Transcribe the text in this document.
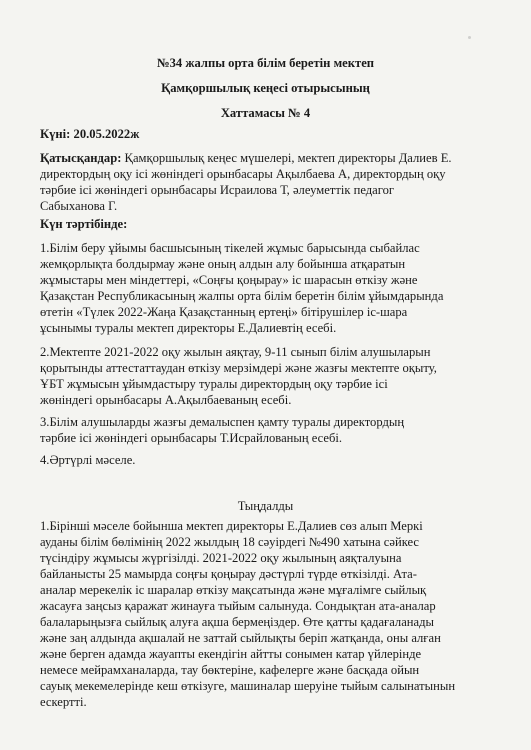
№34 жалпы орта білім беретін мектеп
Қамқоршылық кеңесі отырысының
Хаттамасы № 4
Күні: 20.05.2022ж
Қатысқандар: Қамқоршылық кеңес мүшелері, мектеп директоры Далиев Е.
директордың оқу ісі жөніндегі орынбасары Ақылбаева А, директордың оқу
тәрбие ісі жөніндегі орынбасары Исраилова Т, әлеуметтік педагог
Сабыханова Г.
Күн тәртібінде:
1.Білім беру ұйымы басшысының тікелей жұмыс барысында сыбайлас
жемқорлықта болдырмау және оның алдын алу бойынша атқаратын
жұмыстары мен міндеттері, «Соңғы қоңырау» іс шарасын өткізу және
Қазақстан Республикасының жалпы орта білім беретін білім ұйымдарында
өтетін «Түлек 2022-Жаңа Қазақстанның ертеңі» бітірушілер іс-шара
ұсынымы туралы мектеп директоры Е.Далиевтің есебі.
2.Мектепте 2021-2022 оқу жылын аяқтау, 9-11 сынып білім алушыларын
қорытынды аттестаттаудан өткізу мерзімдері және жазғы мектепте оқыту,
ҰБТ жұмысын ұйымдастыру туралы директордың оқу тәрбие ісі
жөніндегі орынбасары А.Ақылбаеваның есебі.
3.Білім алушыларды жазғы демалыспен қамту туралы директордың
тәрбие ісі жөніндегі орынбасары Т.Исрайлованың есебі.
4.Әртүрлі мәселе.
Тыңдалды
1.Бірінші мәселе бойынша мектеп директоры Е.Далиев сөз алып Меркі
ауданы білім бөлімінің 2022 жылдың 18 сәуірдегі №490 хатына сәйкес
түсіндіру жұмысы жүргізілді. 2021-2022 оқу жылының аяқталуына
байланысты 25 мамырда соңғы қоңырау дәстүрлі түрде өткізілді. Ата-
аналар мерекелік іс шаралар өткізу мақсатында және мұғалімге сыйлық
жасауға заңсыз қаражат жинауға тыйым салынуда. Сондықтан ата-аналар
балаларыңызға сыйлық алуға ақша бермеңіздер. Өте қатты қадағаланады
және заң алдында ақшалай не заттай сыйлықты беріп жатқанда, оны алған
және берген адамда жауапты екендігін айтты сонымен катар үйлерінде
немесе мейрамханаларда, тау бөктеріне, кафелерге және басқада ойын
сауық мекемелерінде кеш өткізуге, машиналар шеруіне тыйым салынатынын
ескертті.
